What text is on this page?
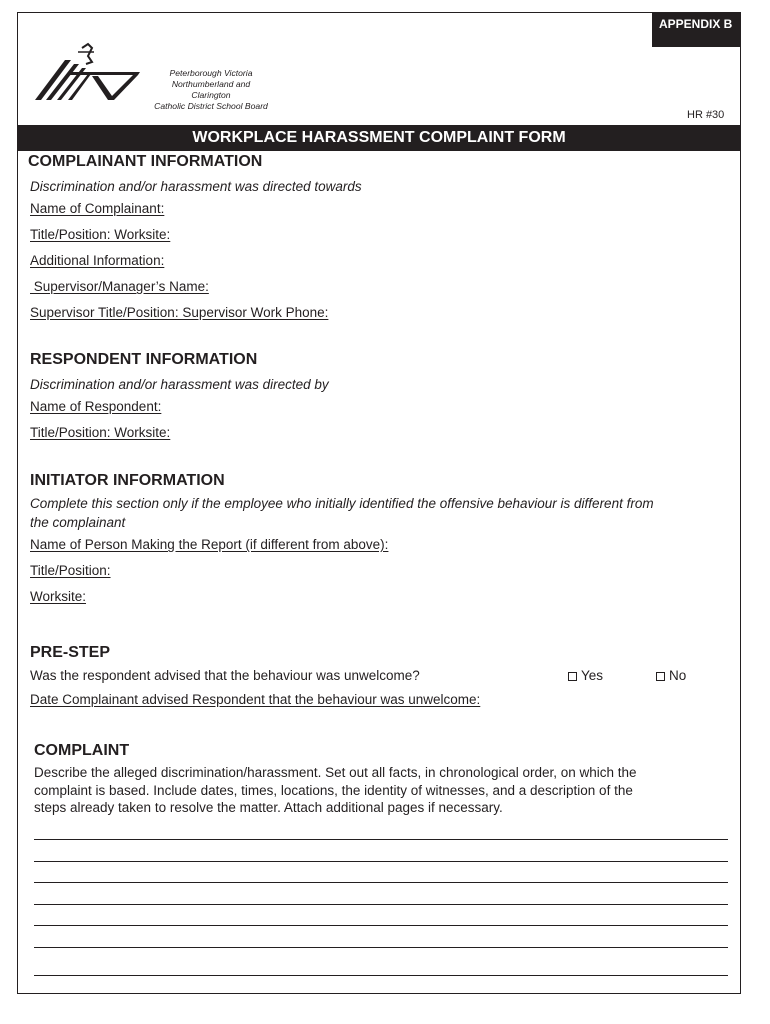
APPENDIX B
Peterborough Victoria
Northumberland and Clarington
Catholic District School Board
HR #30
WORKPLACE HARASSMENT COMPLAINT FORM
COMPLAINANT INFORMATION
Discrimination and/or harassment was directed towards
Name of Complainant:
Title/Position: Worksite:
Additional Information:
Supervisor/Manager’s Name:
Supervisor Title/Position: Supervisor Work Phone:
RESPONDENT INFORMATION
Discrimination and/or harassment was directed by
Name of Respondent:
Title/Position: Worksite:
INITIATOR INFORMATION
Complete this section only if the employee who initially identified the offensive behaviour is different from
the complainant
Name of Person Making the Report (if different from above):
Title/Position:
Worksite:
PRE-STEP
Was the respondent advised that the behaviour was unwelcome?	Yes	No
Date Complainant advised Respondent that the behaviour was unwelcome:
COMPLAINT
Describe the alleged discrimination/harassment. Set out all facts, in chronological order, on which the
complaint is based. Include dates, times, locations, the identity of witnesses, and a description of the
steps already taken to resolve the matter. Attach additional pages if necessary.
